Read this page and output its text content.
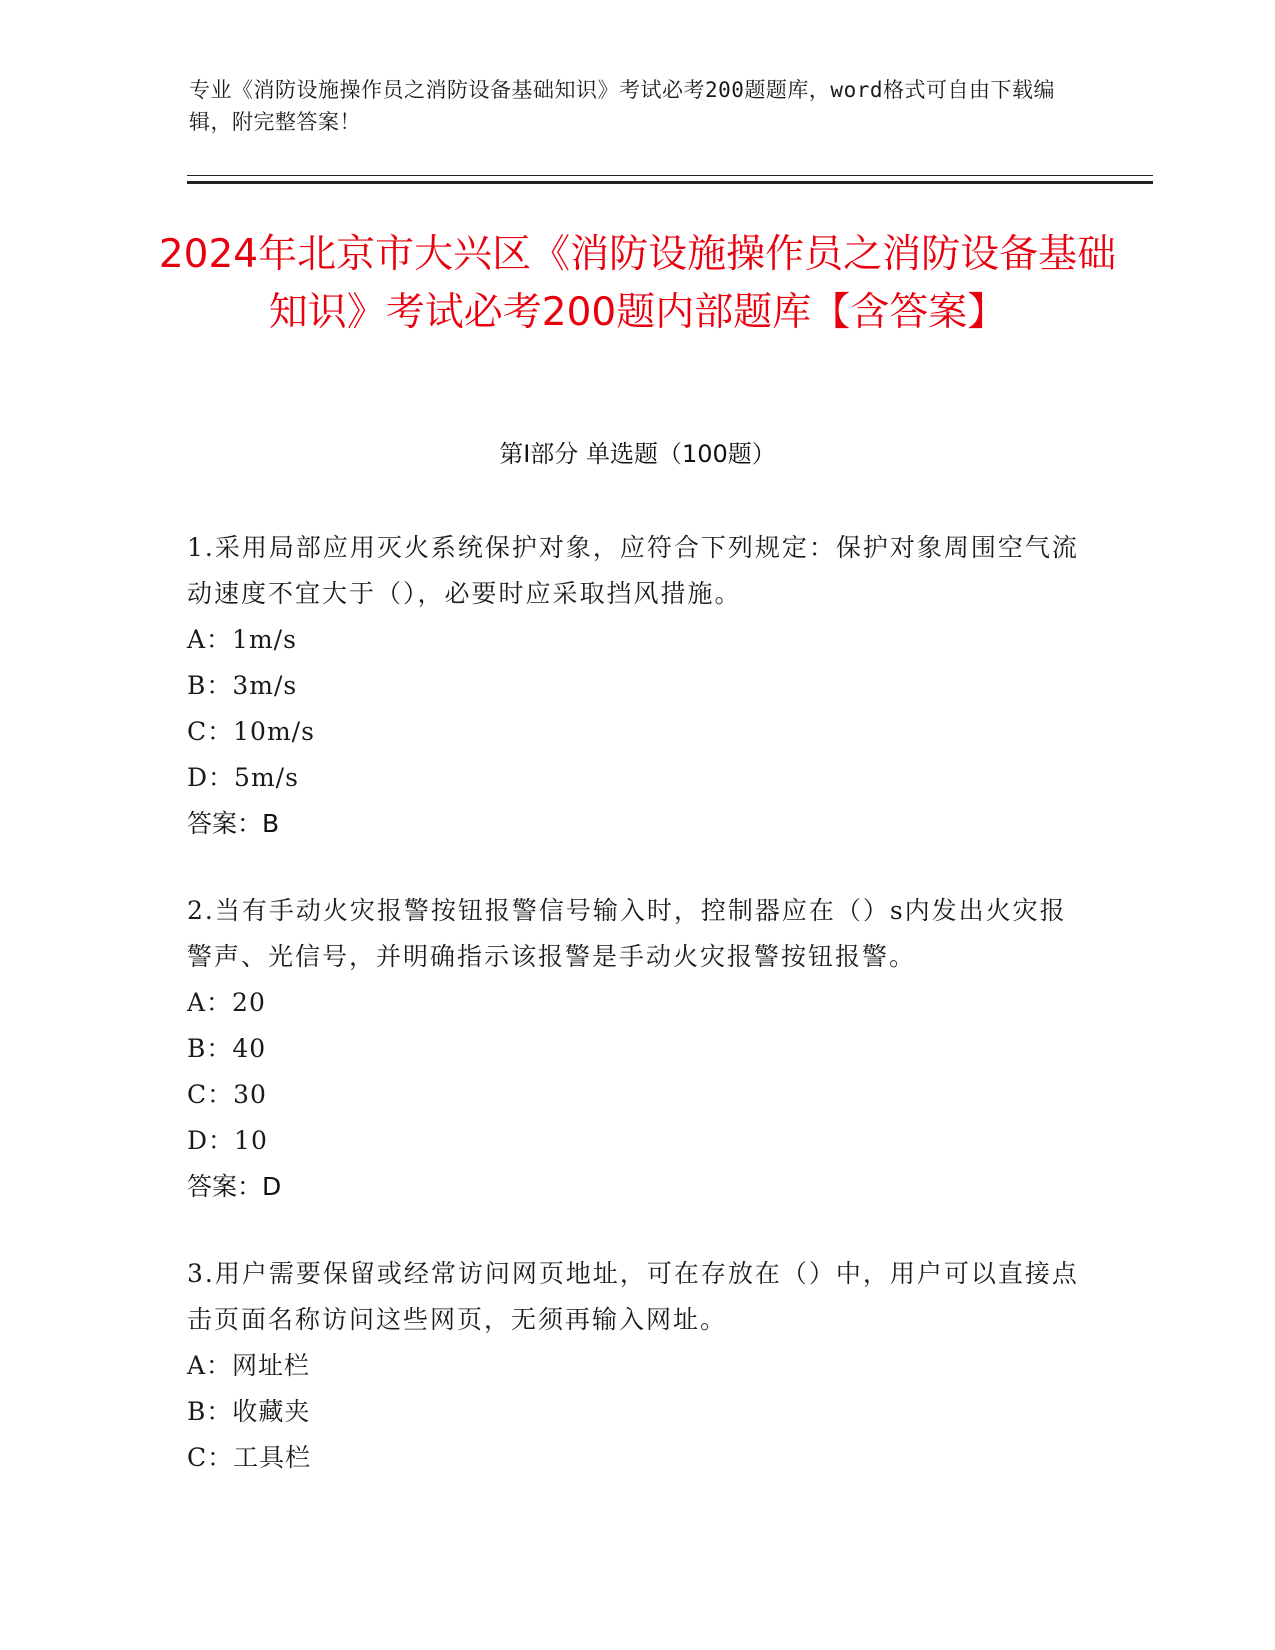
专业《消防设施操作员之消防设备基础知识》考试必考200题题库，word格式可自由下载编辑，附完整答案！
2024年北京市大兴区《消防设施操作员之消防设备基础知识》考试必考200题内部题库【含答案】
第I部分 单选题（100题）

1.采用局部应用灭火系统保护对象，应符合下列规定：保护对象周围空气流动速度不宜大于（），必要时应采取挡风措施。

A：1m/s

B：3m/s

C：10m/s

D：5m/s

答案：B

2.当有手动火灾报警按钮报警信号输入时，控制器应在（）s内发出火灾报警声、光信号，并明确指示该报警是手动火灾报警按钮报警。

A：20

B：40

C：30

D：10

答案：D

3.用户需要保留或经常访问网页地址，可在存放在（）中，用户可以直接点击页面名称访问这些网页，无须再输入网址。

A：网址栏

B：收藏夹

C：工具栏
